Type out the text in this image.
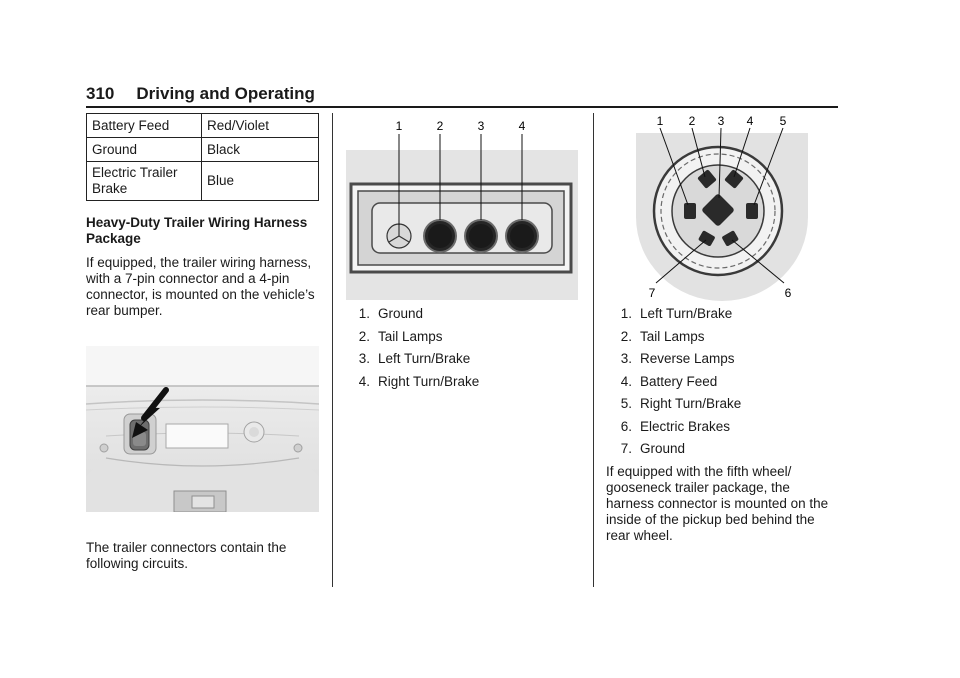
310 Driving and Operating
Battery Feed	Red/Violet
Ground	Black
Electric Trailer Brake	Blue

Heavy-Duty Trailer Wiring Harness Package

If equipped, the trailer wiring harness, with a 7-pin connector and a 4-pin connector, is mounted on the vehicle’s rear bumper.

The trailer connectors contain the following circuits.

1	2	3	4
1. Ground
2. Tail Lamps
3. Left Turn/Brake
4. Right Turn/Brake
1 2 3 4 5
6
7
1. Left Turn/Brake
2. Tail Lamps
3. Reverse Lamps
4. Battery Feed
5. Right Turn/Brake
6. Electric Brakes
7. Ground

If equipped with the fifth wheel/ gooseneck trailer package, the harness connector is mounted on the inside of the pickup bed behind the rear wheel.
